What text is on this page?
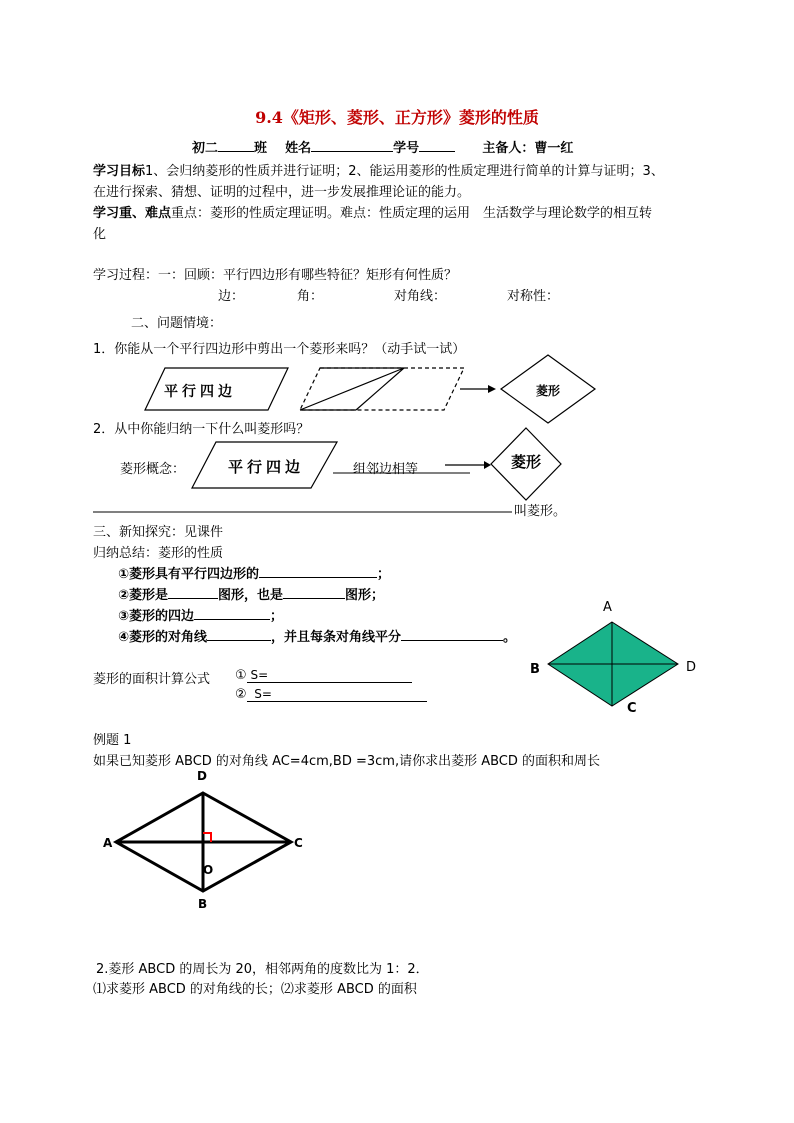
9.4《矩形、菱形、正方形》菱形的性质
初二	班 姓名	学号	主备人：曹一红
学习目标1、会归纳菱形的性质并进行证明；2、能运用菱形的性质定理进行简单的计算与证明；3、
在进行探索、猜想、证明的过程中，进一步发展推理论证的能力。
学习重、难点重点：菱形的性质定理证明。难点：性质定理的运用　生活数学与理论数学的相互转
化
学习过程：一：回顾：平行四边形有哪些特征？矩形有何性质？
边：	角：	对角线：	对称性：
二、问题情境：
1．你能从一个平行四边形中剪出一个菱形来吗？（动手试一试）
平行四边	菱形
平行四边	菱形
A
B
C
D
D
A	C
B
O
2．从中你能归纳一下什么叫菱形吗？
菱形概念：	组邻边相等
叫菱形。
三、新知探究：见课件
归纳总结：菱形的性质
①菱形具有平行四边形的	；
②菱形是	图形，也是	图形；
③菱形的四边	；
④菱形的对角线	，并且每条对角线平分	。
菱形的面积计算公式 ① S=
② S=
例题 1
如果已知菱形 ABCD 的对角线 AC=4cm,BD =3cm,请你求出菱形 ABCD 的面积和周长
2.菱形 ABCD 的周长为 20，相邻两角的度数比为 1：2．
⑴求菱形 ABCD 的对角线的长；⑵求菱形 ABCD 的面积
